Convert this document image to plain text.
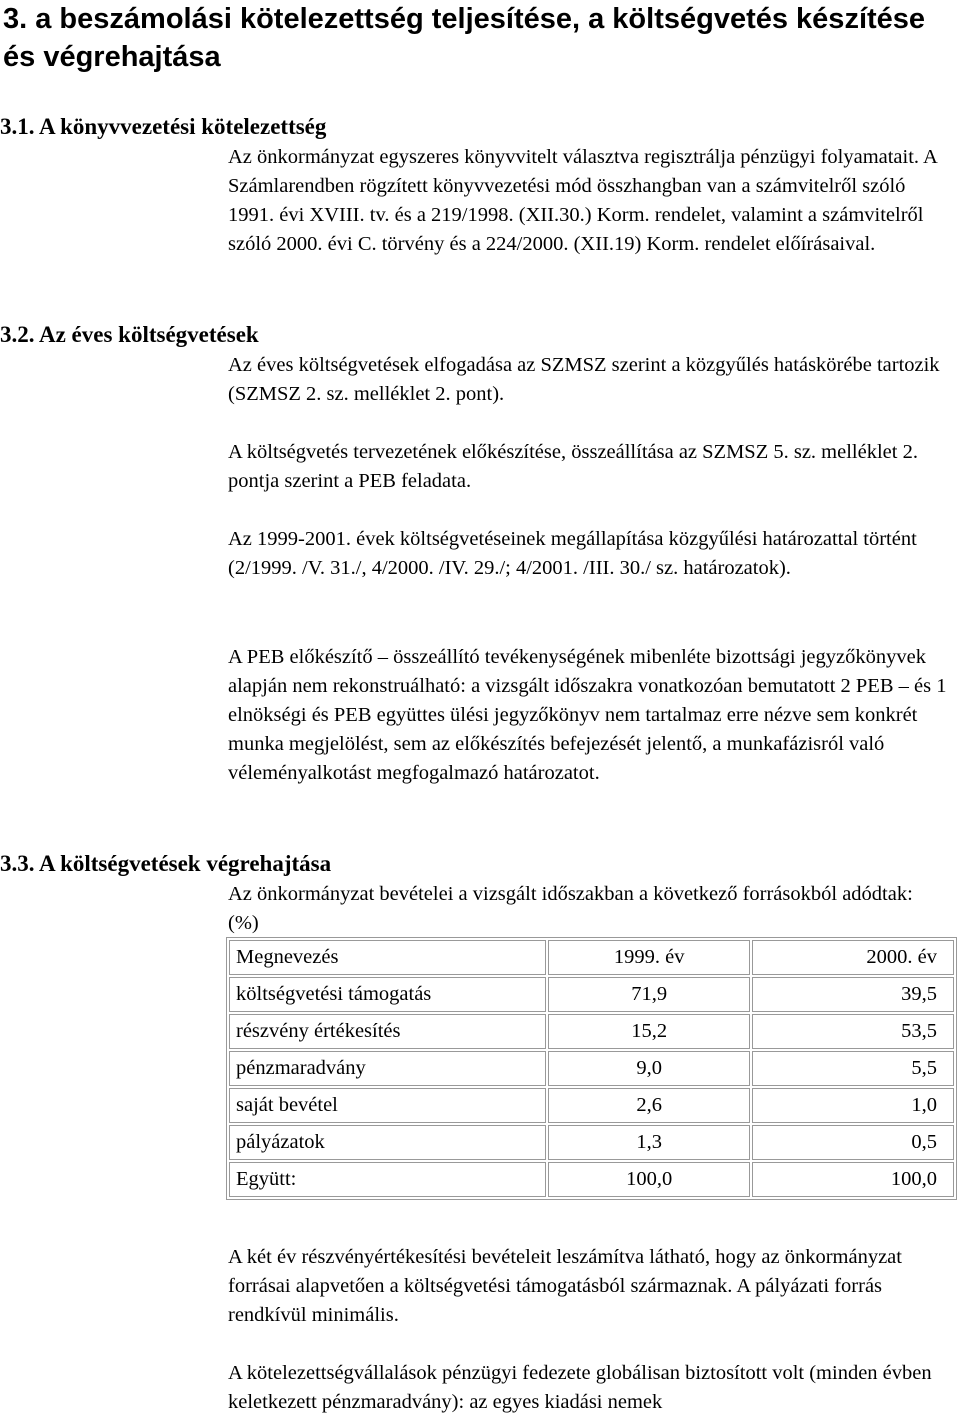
3. a beszámolási kötelezettség teljesítése, a költségvetés készítése és végrehajtása
3.1. A könyvvezetési kötelezettség
Az önkormányzat egyszeres könyvvitelt választva regisztrálja pénzügyi folyamatait. A Számlarendben rögzített könyvvezetési mód összhangban van a számvitelről szóló 1991. évi XVIII. tv. és a 219/1998. (XII.30.) Korm. rendelet, valamint a számvitelről szóló 2000. évi C. törvény és a 224/2000. (XII.19) Korm. rendelet előírásaival.
3.2. Az éves költségvetések
Az éves költségvetések elfogadása az SZMSZ szerint a közgyűlés hatáskörébe tartozik (SZMSZ 2. sz. melléklet 2. pont).
A költségvetés tervezetének előkészítése, összeállítása az SZMSZ 5. sz. melléklet 2. pontja szerint a PEB feladata.
Az 1999-2001. évek költségvetéseinek megállapítása közgyűlési határozattal történt (2/1999. /V. 31./, 4/2000. /IV. 29./; 4/2001. /III. 30./ sz. határozatok).
A PEB előkészítő – összeállító tevékenységének mibenléte bizottsági jegyzőkönyvek alapján nem rekonstruálható: a vizsgált időszakra vonatkozóan bemutatott 2 PEB – és 1 elnökségi és PEB együttes ülési jegyzőkönyv nem tartalmaz erre nézve sem konkrét munka megjelölést, sem az előkészítés befejezését jelentő, a munkafázisról való véleményalkotást megfogalmazó határozatot.
3.3. A költségvetések végrehajtása
Az önkormányzat bevételei a vizsgált időszakban a következő forrásokból adódtak: (%)
Megnevezés	1999. év	2000. év
költségvetési támogatás	71,9	39,5
részvény értékesítés	15,2	53,5
pénzmaradvány	9,0	5,5
saját bevétel	2,6	1,0
pályázatok	1,3	0,5
Együtt:	100,0	100,0
A két év részvényértékesítési bevételeit leszámítva látható, hogy az önkormányzat forrásai alapvetően a költségvetési támogatásból származnak. A pályázati forrás rendkívül minimális.
A kötelezettségvállalások pénzügyi fedezete globálisan biztosított volt (minden évben keletkezett pénzmaradvány): az egyes kiadási nemek
